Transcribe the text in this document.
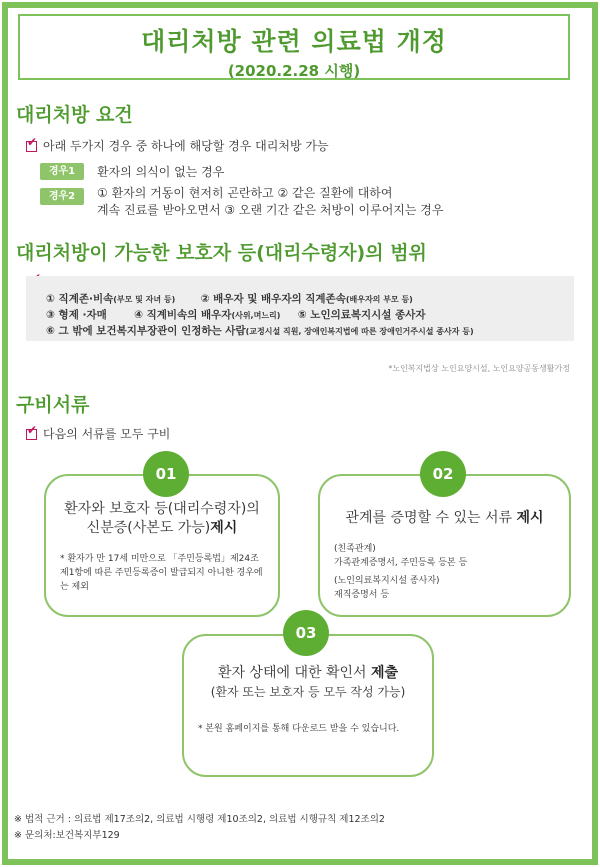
대리처방 관련 의료법 개정
(2020.2.28 시행)
대리처방 요건
✔아래 두가지 경우 중 하나에 해당할 경우 대리처방 가능
경우1	환자의 의식이 없는 경우
경우2	① 환자의 거동이 현저히 곤란하고 ② 같은 질환에 대하여
계속 진료를 받아오면서 ③ 오랜 기간 같은 처방이 이루어지는 경우
대리처방이 가능한 보호자 등(대리수령자)의 범위
✔
① 직계존·비속(부모 및 자녀 등) ② 배우자 및 배우자의 직계존속(배우자의 부모 등)
③ 형제 ·자매	④ 직계비속의 배우자(사위,며느리) ⑤ 노인의료복지시설 종사자
⑥ 그 밖에 보건복지부장관이 인정하는 사람(교정시설 직원, 장애인복지법에 따른 장애인거주시설 종사자 등)
*노인복지법상 노인요양시설, 노인요양공동생활가정
구비서류
✔다음의 서류를 모두 구비
환자와 보호자 등(대리수령자)의
신분증(사본도 가능)제시
* 환자가 만 17세 미만으로 「주민등록법」제24조 제1항에 따른 주민등록증이 발급되지 아니한 경우에는 제외
01
관계를 증명할 수 있는 서류 제시
(친족관계)
가족관계증명서, 주민등록 등본 등
(노인의료복지시설 종사자)
재직증명서 등
02
환자 상태에 대한 확인서 제출
(환자 또는 보호자 등 모두 작성 가능)
* 본원 홈페이지를 통해 다운로드 받을 수 있습니다.
03
※ 법적 근거 : 의료법 제17조의2, 의료법 시행령 제10조의2, 의료법 시행규칙 제12조의2
※ 문의처:보건복지부129
